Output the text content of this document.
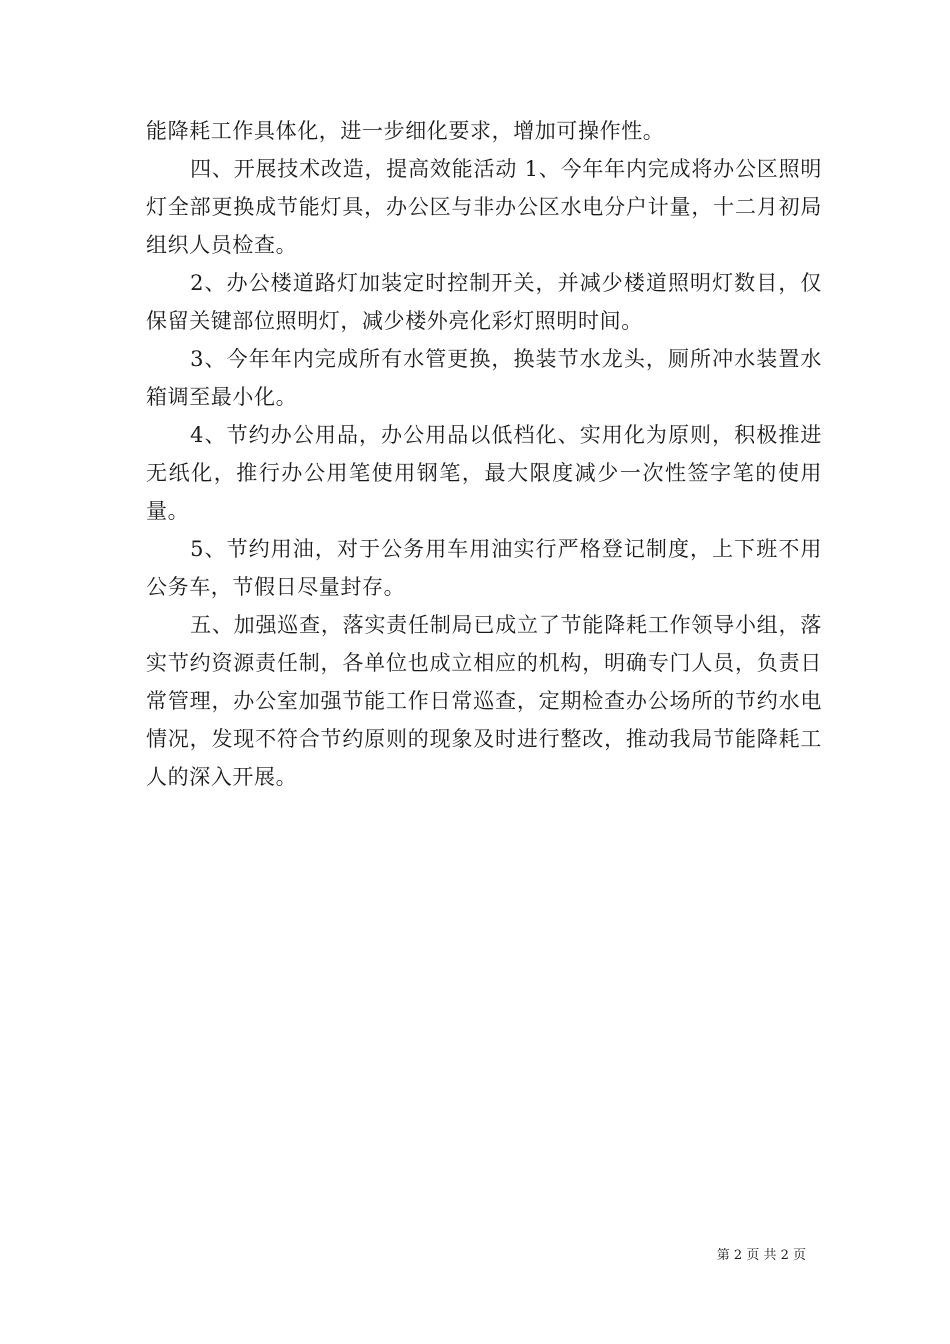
能降耗工作具体化，进一步细化要求，增加可操作性。

四、开展技术改造，提高效能活动 1、今年年内完成将办公区照明灯全部更换成节能灯具，办公区与非办公区水电分户计量，十二月初局组织人员检查。

2、办公楼道路灯加装定时控制开关，并减少楼道照明灯数目，仅保留关键部位照明灯，减少楼外亮化彩灯照明时间。

3、今年年内完成所有水管更换，换装节水龙头，厕所冲水装置水箱调至最小化。

4、节约办公用品，办公用品以低档化、实用化为原则，积极推进无纸化，推行办公用笔使用钢笔，最大限度减少一次性签字笔的使用量。

5、节约用油，对于公务用车用油实行严格登记制度，上下班不用公务车，节假日尽量封存。

五、加强巡查，落实责任制局已成立了节能降耗工作领导小组，落实节约资源责任制，各单位也成立相应的机构，明确专门人员，负责日常管理，办公室加强节能工作日常巡查，定期检查办公场所的节约水电情况，发现不符合节约原则的现象及时进行整改，推动我局节能降耗工人的深入开展。

第 2 页 共 2 页
